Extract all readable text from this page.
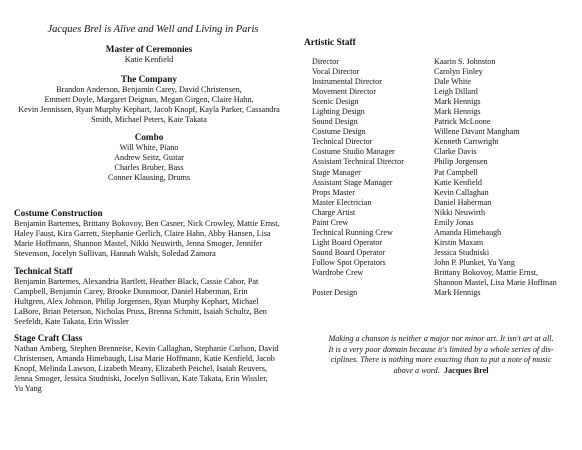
Jacques Brel is Alive and Well and Living in Paris
Master of Ceremonies
Katie Kenfield
The Company
Brandon Anderson, Benjamin Carey, David Christensen,
Emmett Doyle, Margaret Deignan, Megan Girgen, Claire Hahn,
Kevin Jennissen, Ryan Murphy Kephart, Jacob Knopf, Kayla Parker, Cassandra
Smith, Michael Peters, Kate Takata
Combo
Will White, Piano
Andrew Seitz, Guitar
Charles Bruber, Bass
Conner Klausing, Drums
Costume Construction
Benjamin Bartemes, Brittany Bokovoy, Ben Casner, Nick Crowley, Mattie Ernst,
Haley Faust, Kira Garrett, Stephanie Gerlich, Claire Hahn, Abby Hansen, Lisa
Marie Hoffmann, Shannon Mastel, Nikki Neuwirth, Jenna Smoger, Jennifer
Stevenson, Jocelyn Sullivan, Hannah Walsh, Soledad Zamora
Technical Staff
Benjamin Bartemes, Alexandria Bartlett, Heather Black, Cassie Cabor, Pat
Campbell, Benjamin Carey, Brooke Dunsmoor, Daniel Haberman, Erin
Hultgren, Alex Johnson, Philip Jorgensen, Ryan Murphy Kephart, Michael
LaBore, Brian Peterson, Nicholas Pruss, Brenna Schmitt, Isaiah Schultz, Ben
Seefeldt, Kate Takata, Erin Wissler
Stage Craft Class
Nathan Amberg, Stephen Brenneise, Kevin Callaghan, Stephanie Carlson, David
Christensen, Amanda Himebaugh, Lisa Marie Hoffmann, Katie Kenfield, Jacob
Knopf, Melinda Lawson, Lizabeth Meany, Elizabeth Peichel, Isaiah Reuvers,
Jenna Smoger, Jessica Studniski, Jocelyn Sullivan, Kate Takata, Erin Wissler,
Yu Yang
Artistic Staff
Director	Kaarin S. Johnston
Vocal Director	Carolyn Finley
Instrumental Director	Dale White
Movement Director	Leigh Dillard
Scenic Design	Mark Hennigs
Lighting Design	Mark Hennigs
Sound Design	Patrick McLoone
Costume Design	Willene Davant Mangham
Technical Director	Kenneth Cartwright
Costume Studio Manager	Clarke Davis
Assistant Technical Director	Philip Jorgensen
Stage Manager	Pat Campbell
Assistant Stage Manager	Katie Kenfield
Props Master	Kevin Callaghan
Master Electrician	Daniel Haberman
Charge Artist	Nikki Neuwirth
Paint Crew	Emily Jonas
Technical Running Crew	Amanda Himebaugh
Light Board Operator	Kirstin Maxam
Sound Board Operator	Jessica Studniski
Follow Spot Operators	John P. Plunket, Yu Yang
Wardrobe Crew	Brittany Bokovoy, Mattie Ernst,
	Shannon Mastel, Lisa Marie Hoffman
Poster Design	Mark Hennigs
Making a chanson is neither a major nor minor art. It isn't art at all.
It is a very poor domain because it's limited by a whole series of dis-
ciplines. There is nothing more exacting than to put a note of music
above a word. Jacques Brel
